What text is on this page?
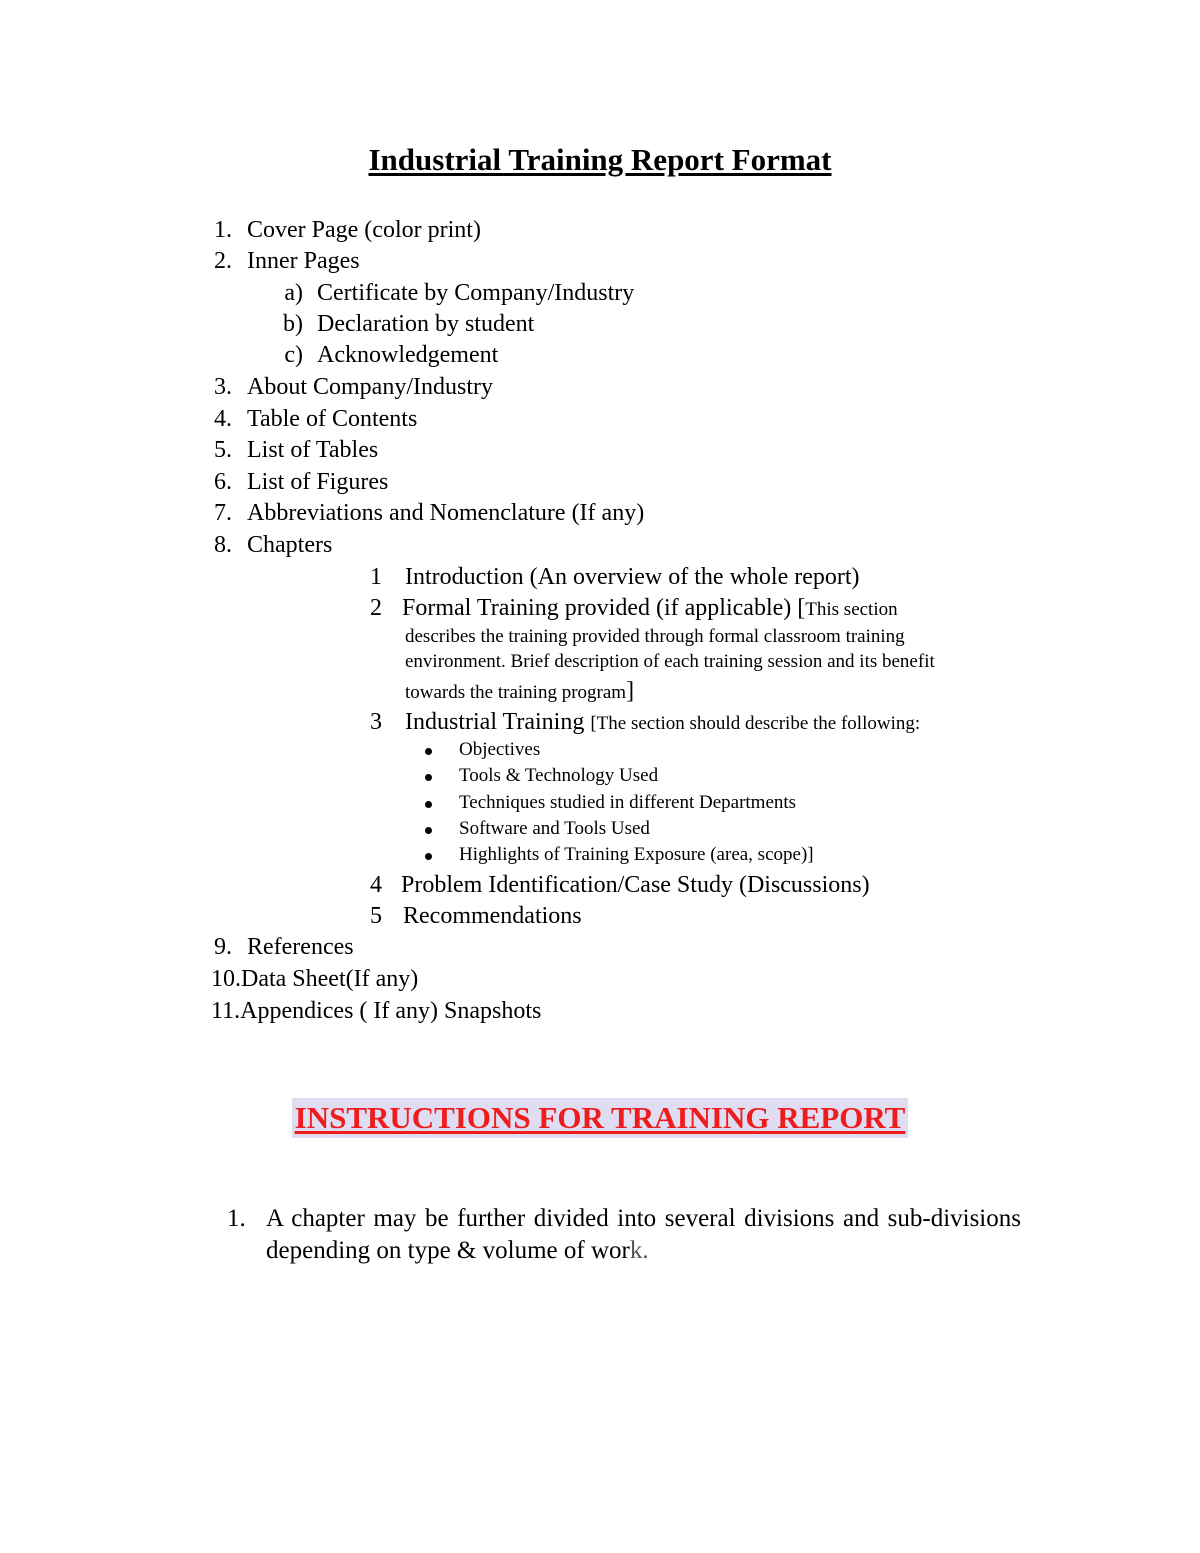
Industrial Training Report Format
1. Cover Page (color print)
2. Inner Pages
a) Certificate by Company/Industry
b) Declaration by student
c) Acknowledgement
3. About Company/Industry
4. Table of Contents
5. List of Tables
6. List of Figures
7. Abbreviations and Nomenclature (If any)
8. Chapters
1 Introduction (An overview of the whole report)
2 Formal Training provided (if applicable) [This section
describes the training provided through formal classroom training
environment. Brief description of each training session and its benefit
towards the training program]
3 Industrial Training [The section should describe the following:
Objectives
Tools & Technology Used
Techniques studied in different Departments
Software and Tools Used
Highlights of Training Exposure (area, scope)]
4 Problem Identification/Case Study (Discussions)
5 Recommendations
9. References
10.Data Sheet(If any)
11.Appendices ( If any) Snapshots
INSTRUCTIONS FOR TRAINING REPORT
1. A chapter may be further divided into several divisions and sub-divisions depending on type & volume of work.
